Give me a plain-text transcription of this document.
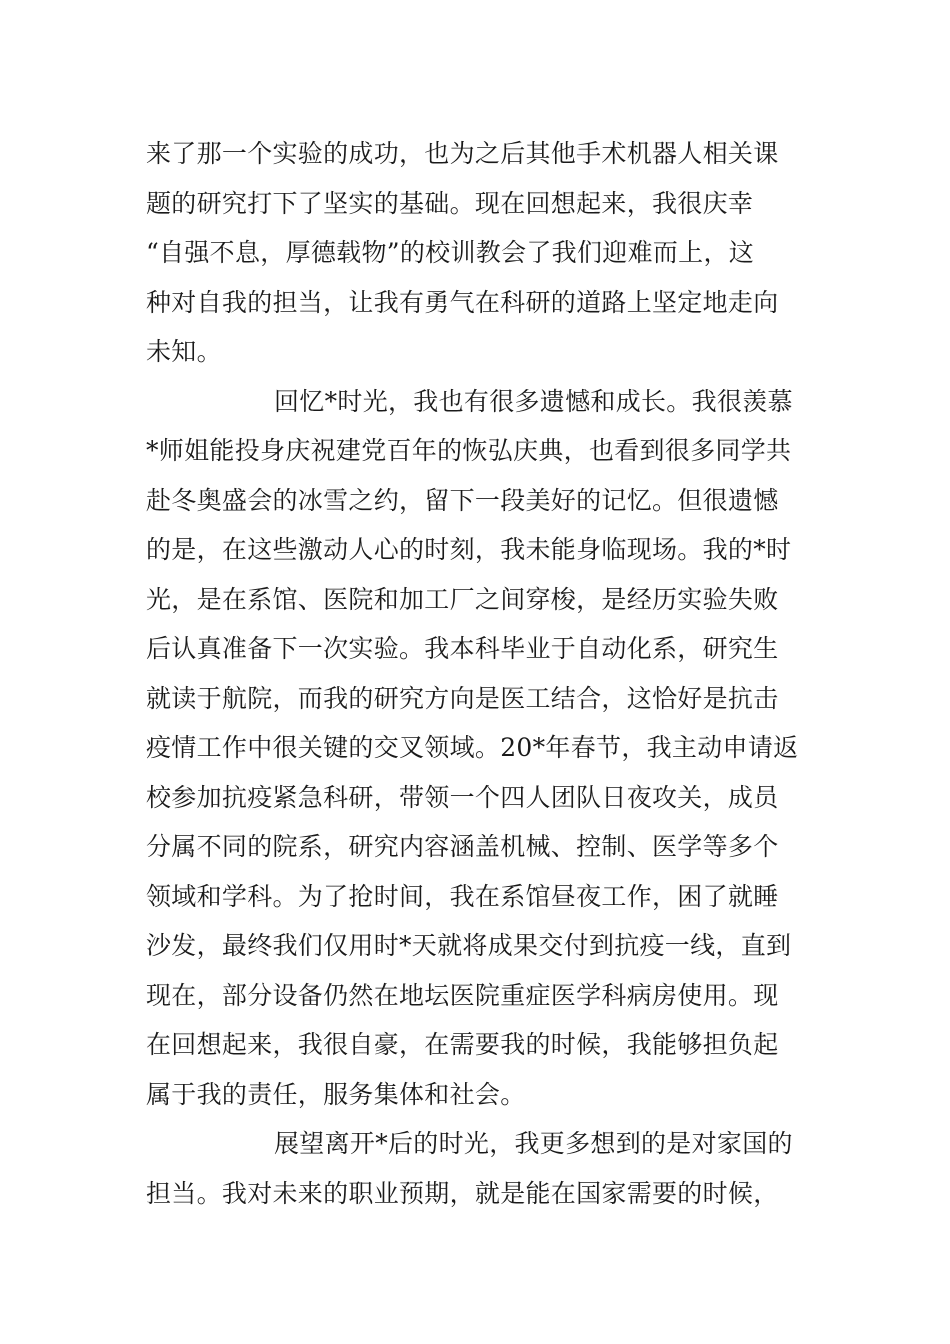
来了那一个实验的成功，也为之后其他手术机器人相关课
题的研究打下了坚实的基础。现在回想起来，我很庆幸
“自强不息，厚德载物”的校训教会了我们迎难而上，这
种对自我的担当，让我有勇气在科研的道路上坚定地走向
未知。
回忆*时光，我也有很多遗憾和成长。我很羡慕
*师姐能投身庆祝建党百年的恢弘庆典，也看到很多同学共
赴冬奥盛会的冰雪之约，留下一段美好的记忆。但很遗憾
的是，在这些激动人心的时刻，我未能身临现场。我的*时
光，是在系馆、医院和加工厂之间穿梭，是经历实验失败
后认真准备下一次实验。我本科毕业于自动化系，研究生
就读于航院，而我的研究方向是医工结合，这恰好是抗击
疫情工作中很关键的交叉领域。20*年春节，我主动申请返
校参加抗疫紧急科研，带领一个四人团队日夜攻关，成员
分属不同的院系，研究内容涵盖机械、控制、医学等多个
领域和学科。为了抢时间，我在系馆昼夜工作，困了就睡
沙发，最终我们仅用时*天就将成果交付到抗疫一线，直到
现在，部分设备仍然在地坛医院重症医学科病房使用。现
在回想起来，我很自豪，在需要我的时候，我能够担负起
属于我的责任，服务集体和社会。
展望离开*后的时光，我更多想到的是对家国的
担当。我对未来的职业预期，就是能在国家需要的时候，
